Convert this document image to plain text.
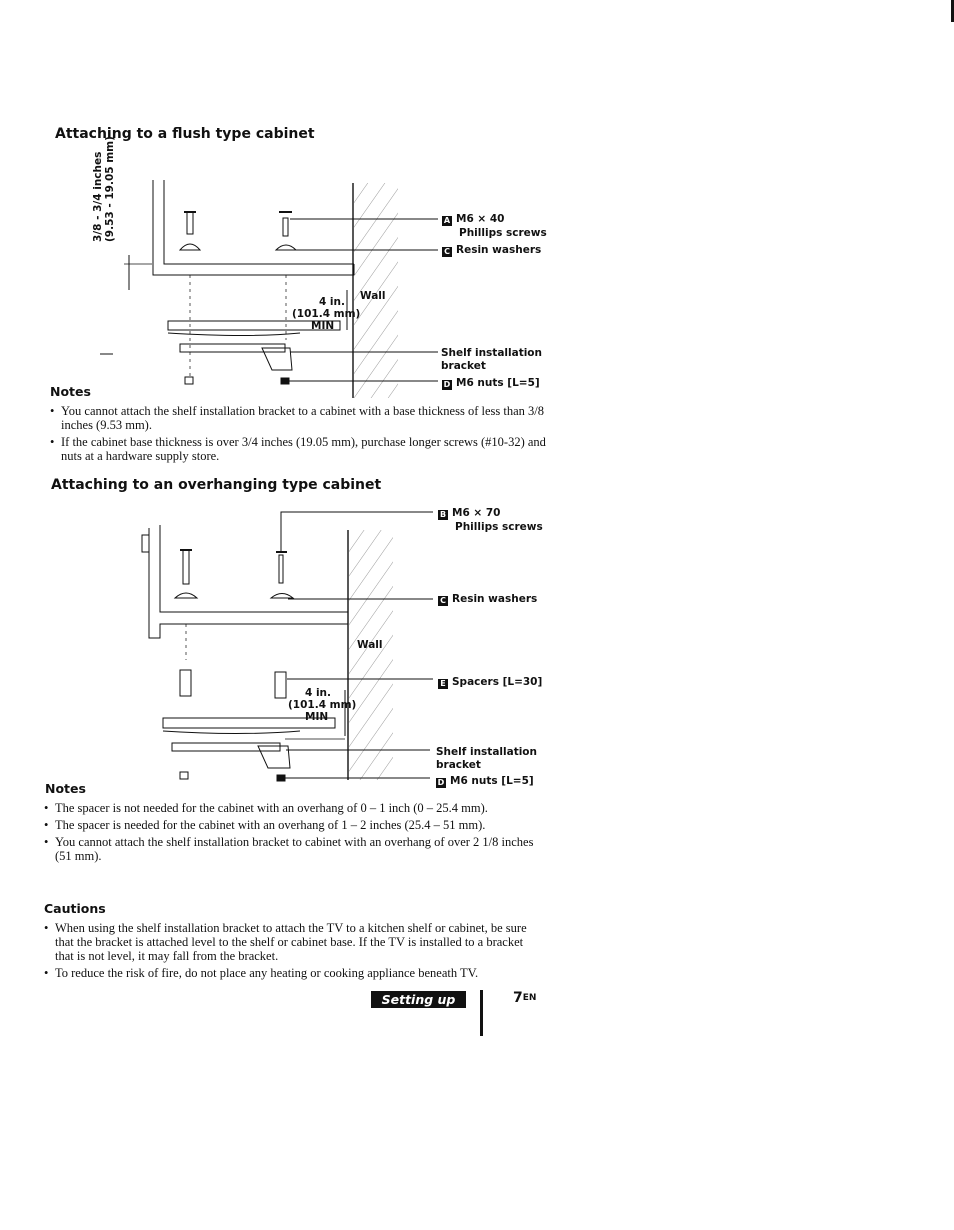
Attaching to a flush type cabinet
3/8 - 3/4 inches (9.53 - 19.05 mm)
4 in.
(101.4 mm)
MIN
Wall
A M6 × 40
Phillips screws
C Resin washers
Shelf installation
bracket
D M6 nuts [L=5]
Notes
• You cannot attach the shelf installation bracket to a cabinet with a base thickness of less than 3/8 inches (9.53 mm).
• If the cabinet base thickness is over 3/4 inches (19.05 mm), purchase longer screws (#10-32) and nuts at a hardware supply store.
Attaching to an overhanging type cabinet
B M6 × 70
Phillips screws
C Resin washers
Wall
E Spacers [L=30]
4 in.
(101.4 mm)
MIN
Shelf installation
bracket
D M6 nuts [L=5]
Notes
• The spacer is not needed for the cabinet with an overhang of 0 – 1 inch (0 – 25.4 mm).
• The spacer is needed for the cabinet with an overhang of 1 – 2 inches (25.4 – 51 mm).
• You cannot attach the shelf installation bracket to cabinet with an overhang of over 2 1/8 inches (51 mm).
Cautions
• When using the shelf installation bracket to attach the TV to a kitchen shelf or cabinet, be sure that the bracket is attached level to the shelf or cabinet base. If the TV is installed to a bracket that is not level, it may fall from the bracket.
• To reduce the risk of fire, do not place any heating or cooking appliance beneath TV.
Setting up	$7_{EN}$
